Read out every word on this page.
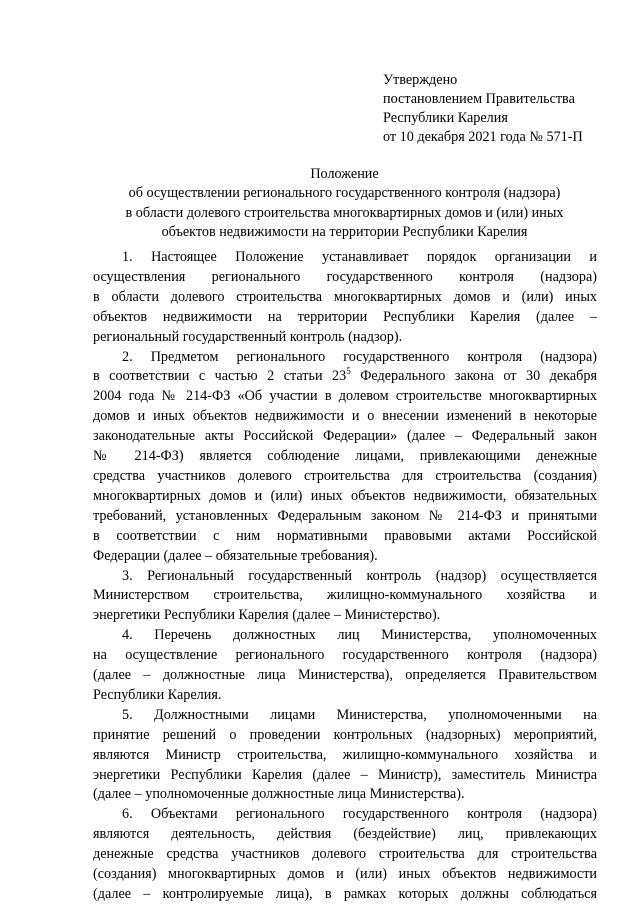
Утверждено
постановлением Правительства
Республики Карелия
от 10 декабря 2021 года № 571-П
Положение
об осуществлении регионального государственного контроля (надзора)
в области долевого строительства многоквартирных домов и (или) иных
объектов недвижимости на территории Республики Карелия

1. Настоящее Положение устанавливает порядок организации и
осуществления регионального государственного контроля (надзора)
в области долевого строительства многоквартирных домов и (или) иных
объектов недвижимости на территории Республики Карелия (далее –
региональный государственный контроль (надзор).

2. Предметом регионального государственного контроля (надзора)
в соответствии с частью 2 статьи $23^5$ Федерального закона от 30 декабря
2004 года № 214-ФЗ «Об участии в долевом строительстве многоквартирных
домов и иных объектов недвижимости и о внесении изменений в некоторые
законодательные акты Российской Федерации» (далее – Федеральный закон
№ 214-ФЗ) является соблюдение лицами, привлекающими денежные
средства участников долевого строительства для строительства (создания)
многоквартирных домов и (или) иных объектов недвижимости, обязательных
требований, установленных Федеральным законом № 214-ФЗ и принятыми
в соответствии с ним нормативными правовыми актами Российской
Федерации (далее – обязательные требования).

3. Региональный государственный контроль (надзор) осуществляется
Министерством строительства, жилищно-коммунального хозяйства и
энергетики Республики Карелия (далее – Министерство).

4. Перечень должностных лиц Министерства, уполномоченных
на осуществление регионального государственного контроля (надзора)
(далее – должностные лица Министерства), определяется Правительством
Республики Карелия.

5. Должностными лицами Министерства, уполномоченными на
принятие решений о проведении контрольных (надзорных) мероприятий,
являются Министр строительства, жилищно-коммунального хозяйства и
энергетики Республики Карелия (далее – Министр), заместитель Министра
(далее – уполномоченные должностные лица Министерства).

6. Объектами регионального государственного контроля (надзора)
являются деятельность, действия (бездействие) лиц, привлекающих
денежные средства участников долевого строительства для строительства
(создания) многоквартирных домов и (или) иных объектов недвижимости
(далее – контролируемые лица), в рамках которых должны соблюдаться
